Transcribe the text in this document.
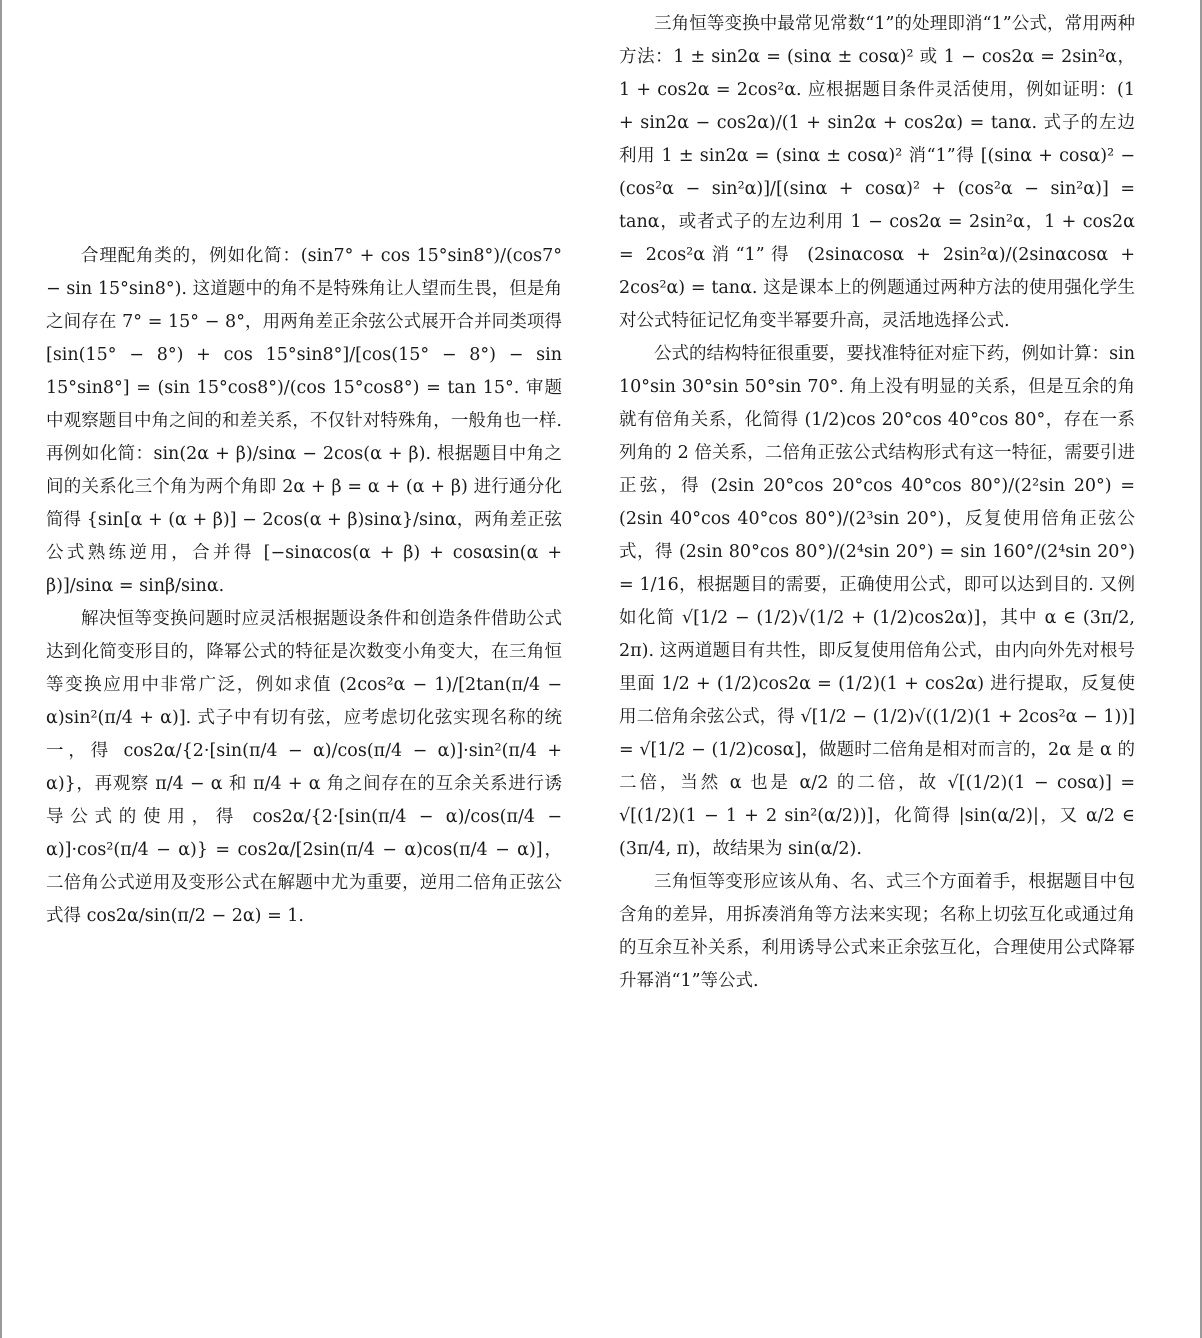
合理配角类的，例如化简：(sin7° + cos 15°sin8°)/(cos7° − sin 15°sin8°). 这道题中的角不是特殊角让人望而生畏，但是角之间存在 7° = 15° − 8°，用两角差正余弦公式展开合并同类项得 [sin(15° − 8°) + cos 15°sin8°]/[cos(15° − 8°) − sin 15°sin8°] = (sin 15°cos8°)/(cos 15°cos8°) = tan 15°. 审题中观察题目中角之间的和差关系，不仅针对特殊角，一般角也一样. 再例如化简：sin(2α + β)/sinα − 2cos(α + β). 根据题目中角之间的关系化三个角为两个角即 2α + β = α + (α + β) 进行通分化简得 {sin[α + (α + β)] − 2cos(α + β)sinα}/sinα，两角差正弦公式熟练逆用，合并得 [−sinαcos(α + β) + cosαsin(α + β)]/sinα = sinβ/sinα.

解决恒等变换问题时应灵活根据题设条件和创造条件借助公式达到化简变形目的，降幂公式的特征是次数变小角变大，在三角恒等变换应用中非常广泛，例如求值 (2cos²α − 1)/[2tan(π/4 − α)sin²(π/4 + α)]. 式子中有切有弦，应考虑切化弦实现名称的统一，得 cos2α/{2·[sin(π/4 − α)/cos(π/4 − α)]·sin²(π/4 + α)}，再观察 π/4 − α 和 π/4 + α 角之间存在的互余关系进行诱导公式的使用，得 cos2α/{2·[sin(π/4 − α)/cos(π/4 − α)]·cos²(π/4 − α)} = cos2α/[2sin(π/4 − α)cos(π/4 − α)]，二倍角公式逆用及变形公式在解题中尤为重要，逆用二倍角正弦公式得 cos2α/sin(π/2 − 2α) = 1.

三角恒等变换中最常见常数“1”的处理即消“1”公式，常用两种方法：1 ± sin2α = (sinα ± cosα)² 或 1 − cos2α = 2sin²α，1 + cos2α = 2cos²α. 应根据题目条件灵活使用，例如证明：(1 + sin2α − cos2α)/(1 + sin2α + cos2α) = tanα. 式子的左边利用 1 ± sin2α = (sinα ± cosα)² 消“1”得 [(sinα + cosα)² − (cos²α − sin²α)]/[(sinα + cosα)² + (cos²α − sin²α)] = tanα，或者式子的左边利用 1 − cos2α = 2sin²α，1 + cos2α = 2cos²α消“1”得 (2sinαcosα + 2sin²α)/(2sinαcosα + 2cos²α) = tanα. 这是课本上的例题通过两种方法的使用强化学生对公式特征记忆角变半幂要升高，灵活地选择公式.

公式的结构特征很重要，要找准特征对症下药，例如计算：sin 10°sin 30°sin 50°sin 70°. 角上没有明显的关系，但是互余的角就有倍角关系，化简得 (1/2)cos 20°cos 40°cos 80°，存在一系列角的 2 倍关系，二倍角正弦公式结构形式有这一特征，需要引进正弦，得 (2sin 20°cos 20°cos 40°cos 80°)/(2²sin 20°) = (2sin 40°cos 40°cos 80°)/(2³sin 20°)，反复使用倍角正弦公式，得 (2sin 80°cos 80°)/(2⁴sin 20°) = sin 160°/(2⁴sin 20°) = 1/16，根据题目的需要，正确使用公式，即可以达到目的. 又例如化简 √[1/2 − (1/2)√(1/2 + (1/2)cos2α)]，其中 α ∈ (3π/2, 2π). 这两道题目有共性，即反复使用倍角公式，由内向外先对根号里面 1/2 + (1/2)cos2α = (1/2)(1 + cos2α) 进行提取，反复使用二倍角余弦公式，得 √[1/2 − (1/2)√((1/2)(1 + 2cos²α − 1))] = √[1/2 − (1/2)cosα]，做题时二倍角是相对而言的，2α 是 α 的二倍，当然 α 也是 α/2 的二倍，故 √[(1/2)(1 − cosα)] = √[(1/2)(1 − 1 + 2 sin²(α/2))]，化简得 |sin(α/2)|，又 α/2 ∈ (3π/4, π)，故结果为 sin(α/2).

三角恒等变形应该从角、名、式三个方面着手，根据题目中包含角的差异，用拆凑消角等方法来实现；名称上切弦互化或通过角的互余互补关系，利用诱导公式来正余弦互化，合理使用公式降幂升幂消“1”等公式.
